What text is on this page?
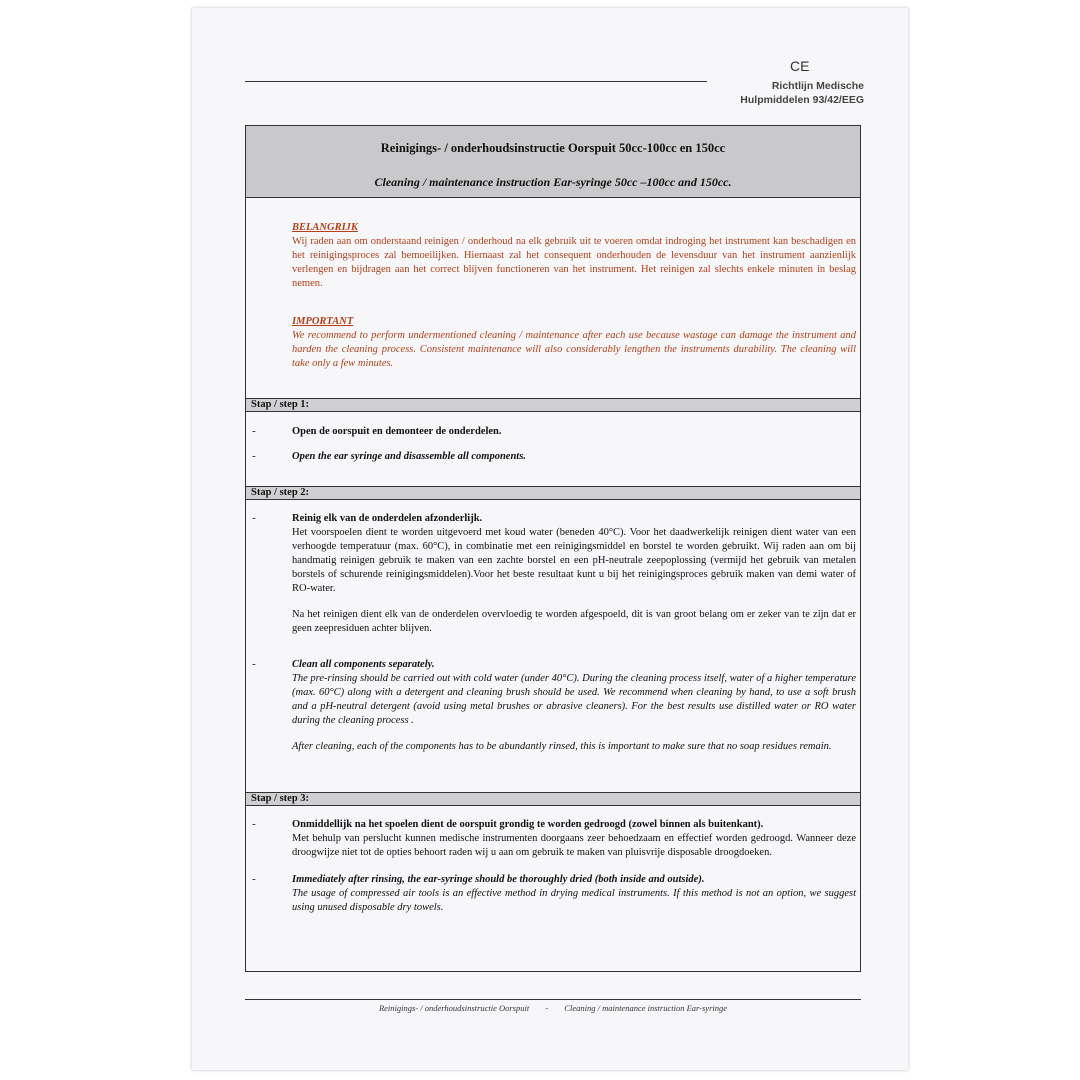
CE
Richtlijn Medische
Hulpmiddelen 93/42/EEG
Reinigings- / onderhoudsinstructie Oorspuit 50cc-100cc en 150cc
Cleaning / maintenance instruction Ear-syringe 50cc –100cc and 150cc.
BELANGRIJK
Wij raden aan om onderstaand reinigen / onderhoud na elk gebruik uit te voeren omdat indroging het instrument kan beschadigen en het reinigingsproces zal bemoeilijken. Hiernaast zal het consequent onderhouden de levensduur van het instrument aanzienlijk verlengen en bijdragen aan het correct blijven functioneren van het instrument. Het reinigen zal slechts enkele minuten in beslag nemen.
IMPORTANT
We recommend to perform undermentioned cleaning / maintenance after each use because wastage can damage the instrument and harden the cleaning process. Consistent maintenance will also considerably lengthen the instruments durability. The cleaning will take only a few minutes.
Stap / step 1:
-	Open de oorspuit en demonteer de onderdelen.
-	Open the ear syringe and disassemble all components.
Stap / step 2:
-	Reinig elk van de onderdelen afzonderlijk.
Het voorspoelen dient te worden uitgevoerd met koud water (beneden 40°C). Voor het daadwerkelijk reinigen dient water van een verhoogde temperatuur (max. 60°C), in combinatie met een reinigingsmiddel en borstel te worden gebruikt. Wij raden aan om bij handmatig reinigen gebruik te maken van een zachte borstel en een pH-neutrale zeepoplossing (vermijd het gebruik van metalen borstels of schurende reinigingsmiddelen).Voor het beste resultaat kunt u bij het reinigingsproces gebruik maken van demi water of RO-water.
Na het reinigen dient elk van de onderdelen overvloedig te worden afgespoeld, dit is van groot belang om er zeker van te zijn dat er geen zeepresiduen achter blijven.
-	Clean all components separately.
The pre-rinsing should be carried out with cold water (under 40°C). During the cleaning process itself, water of a higher temperature (max. 60°C) along with a detergent and cleaning brush should be used. We recommend when cleaning by hand, to use a soft brush and a pH-neutral detergent (avoid using metal brushes or abrasive cleaners). For the best results use distilled water or RO water during the cleaning process .
After cleaning, each of the components has to be abundantly rinsed, this is important to make sure that no soap residues remain.
Stap / step 3:
-	Onmiddellijk na het spoelen dient de oorspuit grondig te worden gedroogd (zowel binnen als buitenkant).
Met behulp van perslucht kunnen medische instrumenten doorgaans zeer behoedzaam en effectief worden gedroogd. Wanneer deze droogwijze niet tot de opties behoort raden wij u aan om gebruik te maken van pluisvrije disposable droogdoeken.
-	Immediately after rinsing, the ear-syringe should be thoroughly dried (both inside and outside).
The usage of compressed air tools is an effective method in drying medical instruments. If this method is not an option, we suggest using unused disposable dry towels.
Reinigings- / onderhoudsinstructie Oorspuit - Cleaning / maintenance instruction Ear-syringe
